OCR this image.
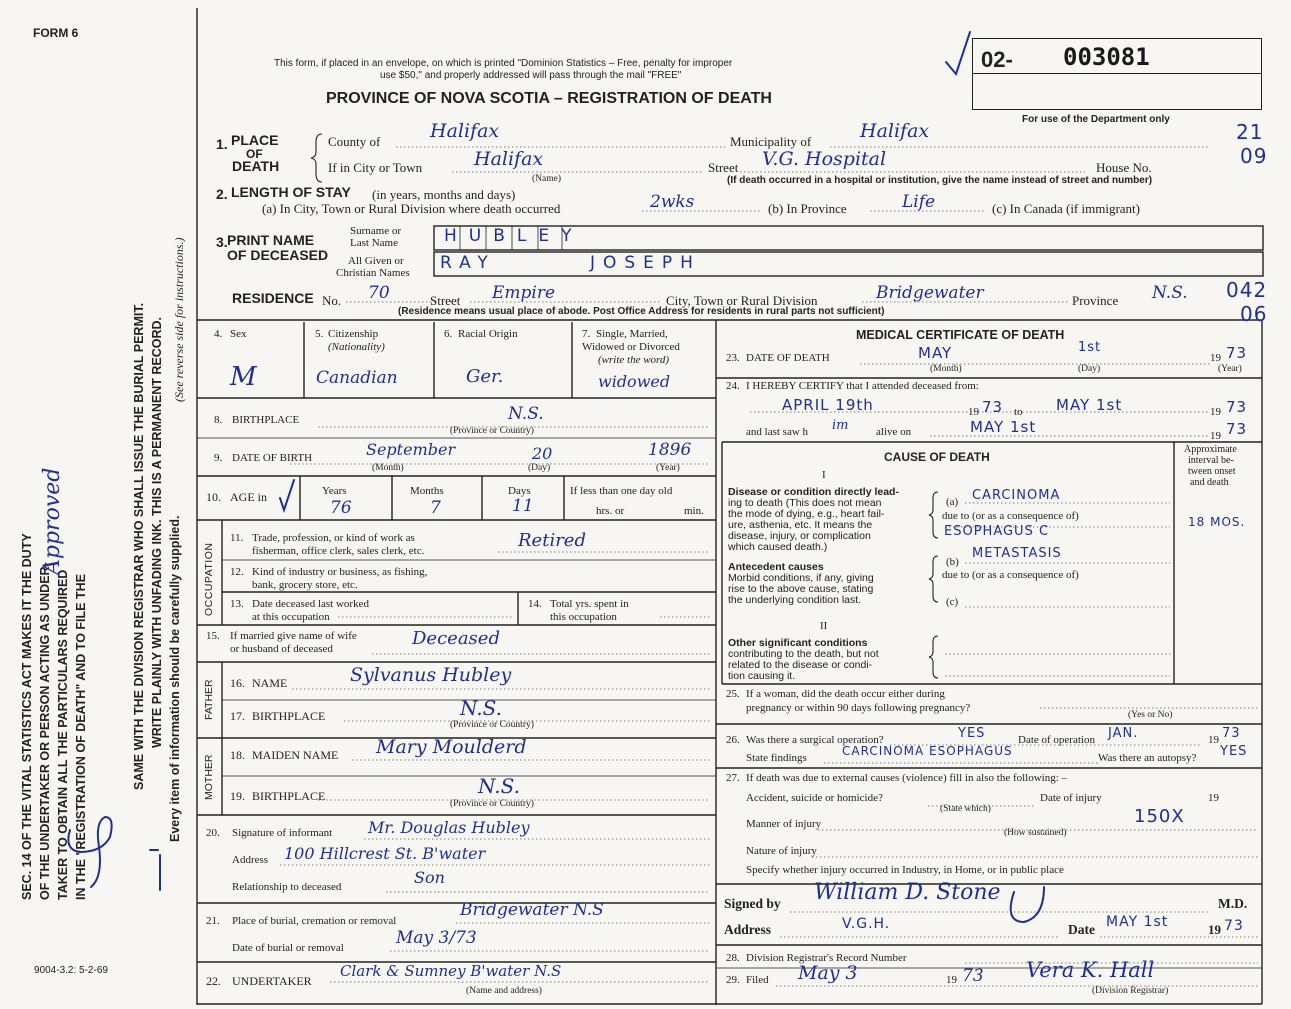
02- 003081
FORM 6
This form, if placed in an envelope, on which is printed "Dominion Statistics – Free, penalty for improper
use $50," and properly addressed will pass through the mail "FREE"
PROVINCE OF NOVA SCOTIA – REGISTRATION OF DEATH
For use of the Department only
21
09
042
06
SEC. 14 OF THE VITAL STATISTICS ACT MAKES IT THE DUTY OF THE UNDERTAKER OR PERSON ACTING AS UNDER- TAKER TO OBTAIN ALL THE PARTICULARS REQUIRED IN THE "REGISTRATION OF DEATH" AND TO FILE THE	SAME WITH THE DIVISION REGISTRAR WHO SHALL ISSUE THE BURIAL PERMIT. WRITE PLAINLY WITH UNFADING INK. THIS IS A PERMANENT RECORD. Every item of information should be carefully supplied.
(See reverse side for instructions.)
Approved
9004-3.2: 5-2-69
1. PLACE
OF
DEATH
County of	Halifax	Municipality of	Halifax
If in City or Town	Halifax
(Name)
Street V.G. Hospital	House No.
(If death occurred in a hospital or institution, give the name instead of street and number)
2. LENGTH OF STAY (in years, months and days)
(a) In City, Town or Rural Division where death occurred	2wks	(b) In Province	Life	(c) In Canada (if immigrant)
3. PRINT NAME
OF DECEASED
Surname or
Last Name
All Given or
Christian Names
HUBLEY
RAY	JOSEPH
RESIDENCE No. 70	Street Empire	City, Town or Rural Division	Bridgewater	Province N.S.
(Residence means usual place of abode. Post Office Address for residents in rural parts not sufficient)
4. Sex
M
5. Citizenship
(Nationality)
Canadian
6. Racial Origin
Ger.
7. Single, Married,
Widowed or Divorced
(write the word)
widowed
8. BIRTHPLACE	N.S.
(Province or Country)
9. DATE OF BIRTH	September	20	1896
(Month)	(Day)	(Year)
10. AGE in	Years	Months	Days
76	7	11
If less than one day old
hrs. or	min.
OCCUPATION
11. Trade, profession, or kind of work as
fisherman, office clerk, sales clerk, etc.	Retired
12. Kind of industry or business, as fishing,
bank, grocery store, etc.
13. Date deceased last worked
at this occupation
14. Total yrs. spent in
this occupation
15. If married give name of wife
or husband of deceased	Deceased
FATHER 16. NAME	Sylvanus Hubley
17. BIRTHPLACE	N.S.
(Province or Country)
MOTHER 18. MAIDEN NAME Mary Moulderd
19. BIRTHPLACE	N.S.
(Province or Country)
20. Signature of informant Mr. Douglas Hubley
Address 100 Hillcrest St. B'water
Relationship to deceased	Son
21. Place of burial, cremation or removal
Bridgewater N.S
Date of burial or removal	May 3/73
22. UNDERTAKER
Clark & Sumney B'water N.S
(Name and address)
MEDICAL CERTIFICATE OF DEATH
23. DATE OF DEATH	MAY	1st
19 73
(Month)	(Day)	(Year)
24. I HEREBY CERTIFY that I attended deceased from:
APRIL 19th	19 73 to MAY 1st	19 73
and last saw h im	alive on	MAY 1st	19 73
CAUSE OF DEATH
Approximate
interval be-
tween onset
and death
I
Disease or condition directly lead-
ing to death (This does not mean
the mode of dying, e.g., heart fail-
ure, asthenia, etc. It means the
disease, injury, or complication
which caused death.)
(a) CARCINOMA
due to (or as a consequence of)
ESOPHAGUS C
18 MOS.
Antecedent causes
Morbid conditions, if any, giving
rise to the above cause, stating
the underlying condition last.
(b)
METASTASIS
due to (or as a consequence of)
(c)
II
Other significant conditions
contributing to the death, but not
related to the disease or condi-
tion causing it.
25. If a woman, did the death occur either during
pregnancy or within 90 days following pregnancy?
(Yes or No)
26. Was there a surgical operation?	YES	Date of operation JAN.	19 73
State findings	CARCINOMA ESOPHAGUS	Was there an autopsy? YES
27. If death was due to external causes (violence) fill in also the following: –
Accident, suicide or homicide?
(State which)
Date of injury	19
150X
Manner of injury
(How sustained)
Nature of injury
Specify whether injury occurred in Industry, in Home, or in public place
Signed by William D. Stone	M.D.
Address	V.G.H.	Date MAY 1st	19 73
28. Division Registrar's Record Number
29. Filed May 3	19 73 Vera K. Hall
(Division Registrar)
